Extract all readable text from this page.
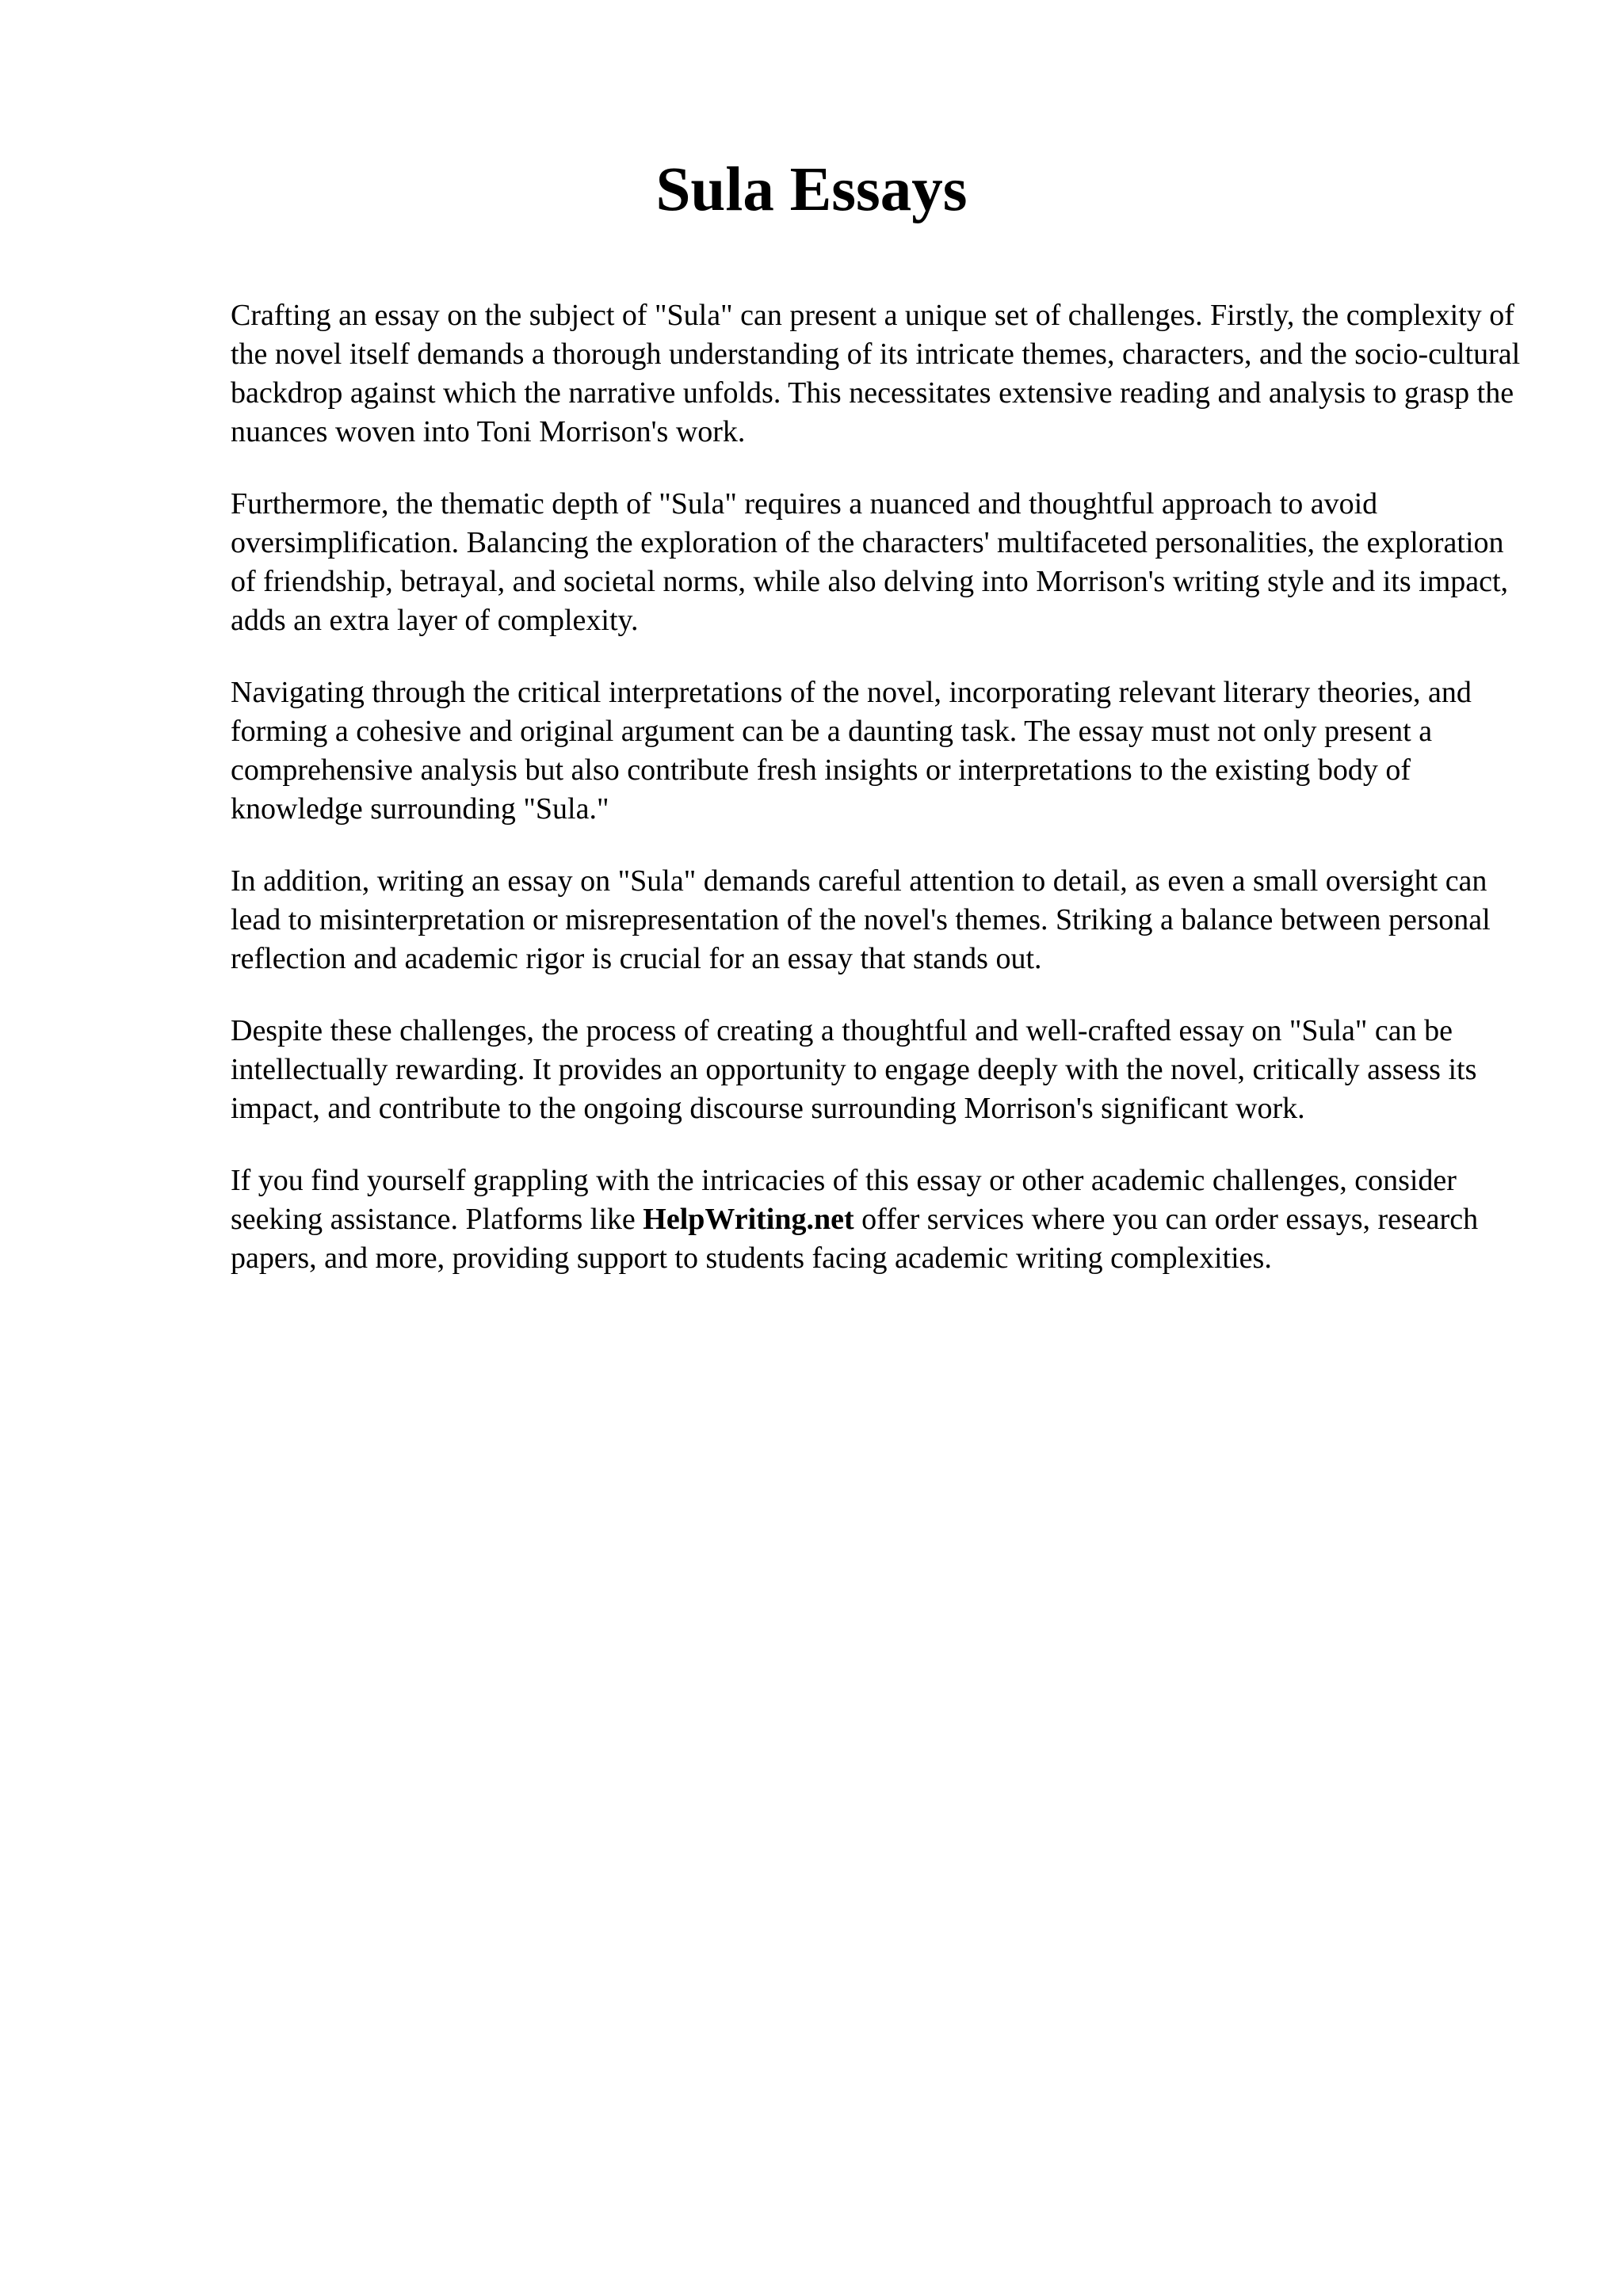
Sula Essays

Crafting an essay on the subject of "Sula" can present a unique set of challenges. Firstly, the complexity of the novel itself demands a thorough understanding of its intricate themes, characters, and the socio-cultural backdrop against which the narrative unfolds. This necessitates extensive reading and analysis to grasp the nuances woven into Toni Morrison's work.

Furthermore, the thematic depth of "Sula" requires a nuanced and thoughtful approach to avoid oversimplification. Balancing the exploration of the characters' multifaceted personalities, the exploration of friendship, betrayal, and societal norms, while also delving into Morrison's writing style and its impact, adds an extra layer of complexity.

Navigating through the critical interpretations of the novel, incorporating relevant literary theories, and forming a cohesive and original argument can be a daunting task. The essay must not only present a comprehensive analysis but also contribute fresh insights or interpretations to the existing body of knowledge surrounding "Sula."

In addition, writing an essay on "Sula" demands careful attention to detail, as even a small oversight can lead to misinterpretation or misrepresentation of the novel's themes. Striking a balance between personal reflection and academic rigor is crucial for an essay that stands out.

Despite these challenges, the process of creating a thoughtful and well-crafted essay on "Sula" can be intellectually rewarding. It provides an opportunity to engage deeply with the novel, critically assess its impact, and contribute to the ongoing discourse surrounding Morrison's significant work.

If you find yourself grappling with the intricacies of this essay or other academic challenges, consider seeking assistance. Platforms like HelpWriting.net offer services where you can order essays, research papers, and more, providing support to students facing academic writing complexities.
